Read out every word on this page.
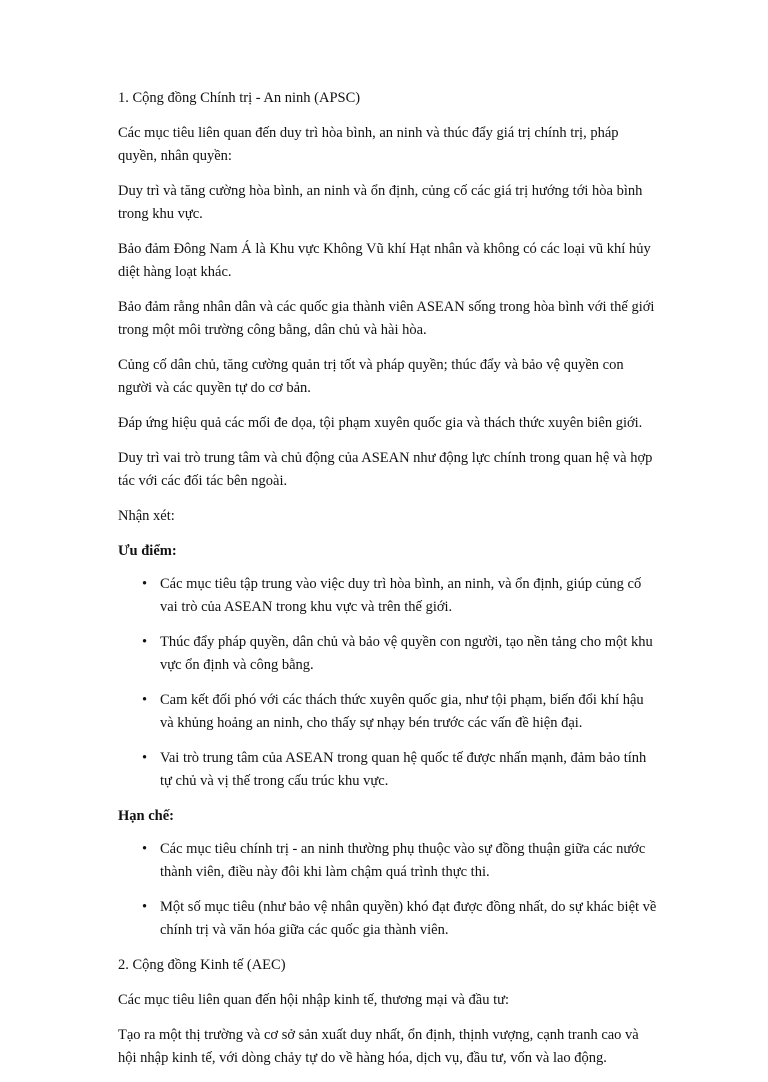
1. Cộng đồng Chính trị - An ninh (APSC)

Các mục tiêu liên quan đến duy trì hòa bình, an ninh và thúc đẩy giá trị chính trị, pháp quyền, nhân quyền:

Duy trì và tăng cường hòa bình, an ninh và ổn định, củng cố các giá trị hướng tới hòa bình trong khu vực.

Bảo đảm Đông Nam Á là Khu vực Không Vũ khí Hạt nhân và không có các loại vũ khí hủy diệt hàng loạt khác.

Bảo đảm rằng nhân dân và các quốc gia thành viên ASEAN sống trong hòa bình với thế giới trong một môi trường công bằng, dân chủ và hài hòa.

Củng cố dân chủ, tăng cường quản trị tốt và pháp quyền; thúc đẩy và bảo vệ quyền con người và các quyền tự do cơ bản.

Đáp ứng hiệu quả các mối đe dọa, tội phạm xuyên quốc gia và thách thức xuyên biên giới.

Duy trì vai trò trung tâm và chủ động của ASEAN như động lực chính trong quan hệ và hợp tác với các đối tác bên ngoài.

Nhận xét:

Ưu điểm:

• Các mục tiêu tập trung vào việc duy trì hòa bình, an ninh, và ổn định, giúp củng cố vai trò của ASEAN trong khu vực và trên thế giới.
• Thúc đẩy pháp quyền, dân chủ và bảo vệ quyền con người, tạo nền tảng cho một khu vực ổn định và công bằng.
• Cam kết đối phó với các thách thức xuyên quốc gia, như tội phạm, biến đổi khí hậu và khủng hoảng an ninh, cho thấy sự nhạy bén trước các vấn đề hiện đại.
• Vai trò trung tâm của ASEAN trong quan hệ quốc tế được nhấn mạnh, đảm bảo tính tự chủ và vị thế trong cấu trúc khu vực.

Hạn chế:

• Các mục tiêu chính trị - an ninh thường phụ thuộc vào sự đồng thuận giữa các nước thành viên, điều này đôi khi làm chậm quá trình thực thi.
• Một số mục tiêu (như bảo vệ nhân quyền) khó đạt được đồng nhất, do sự khác biệt về chính trị và văn hóa giữa các quốc gia thành viên.

2. Cộng đồng Kinh tế (AEC)

Các mục tiêu liên quan đến hội nhập kinh tế, thương mại và đầu tư:

Tạo ra một thị trường và cơ sở sản xuất duy nhất, ổn định, thịnh vượng, cạnh tranh cao và hội nhập kinh tế, với dòng chảy tự do về hàng hóa, dịch vụ, đầu tư, vốn và lao động.
